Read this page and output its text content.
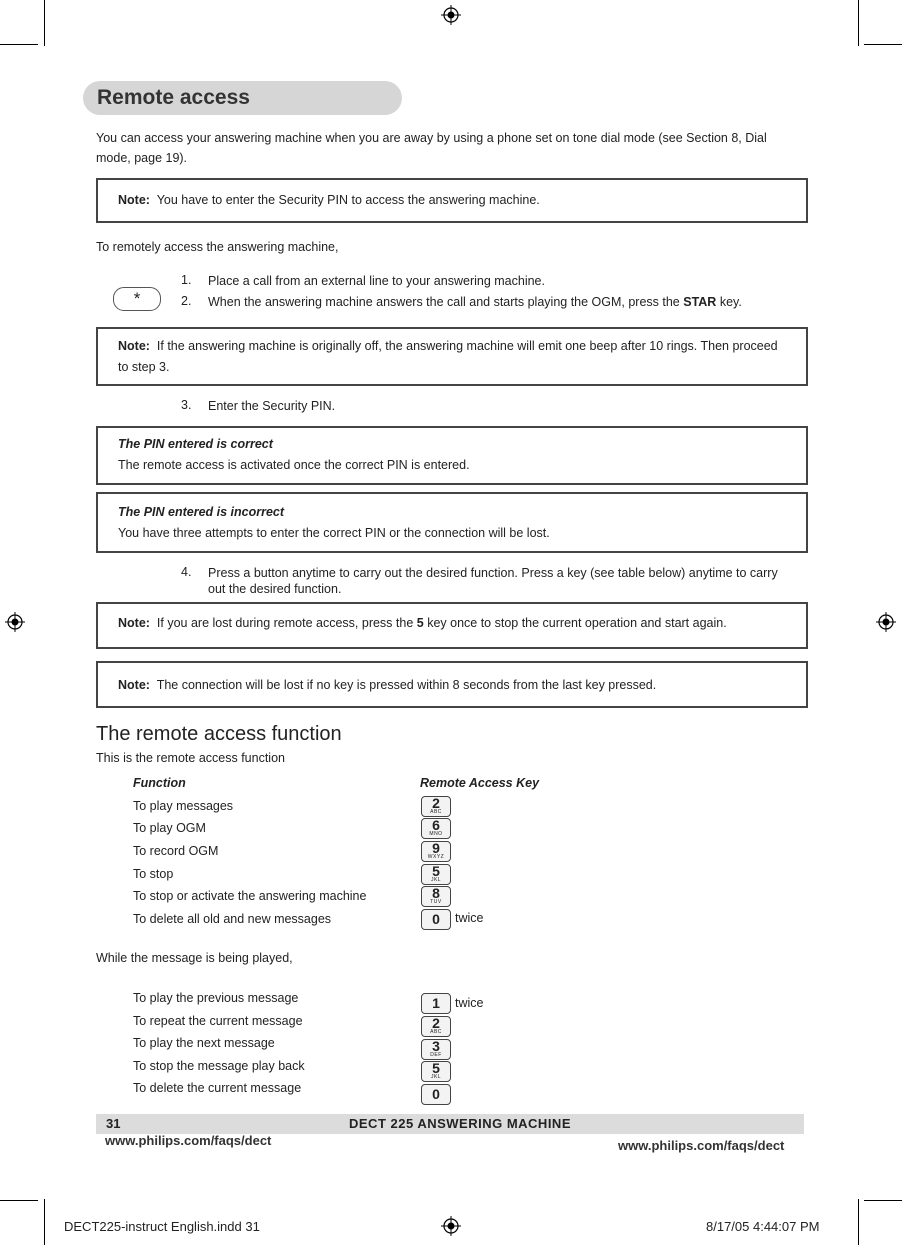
Remote access
You can access your answering machine when you are away by using a phone set on tone dial mode (see Section 8, Dial mode, page 19).
Note: You have to enter the Security PIN to access the answering machine.
To remotely access the answering machine,
*
1. Place a call from an external line to your answering machine.
2. When the answering machine answers the call and starts playing the OGM, press the STAR key.
Note: If the answering machine is originally off, the answering machine will emit one beep after 10 rings. Then proceed to step 3.
3. Enter the Security PIN.
The PIN entered is correct
The remote access is activated once the correct PIN is entered.
The PIN entered is incorrect
You have three attempts to enter the correct PIN or the connection will be lost.
4. Press a button anytime to carry out the desired function. Press a key (see table below) anytime to carry out the desired function.
Note: If you are lost during remote access, press the 5 key once to stop the current operation and start again.
Note: The connection will be lost if no key is pressed within 8 seconds from the last key pressed.
The remote access function
This is the remote access function
Function	Remote Access Key
To play messages	2
ABC
To play OGM	6
MNO
To record OGM	9
WXYZ
To stop	5
JKL
To stop or activate the answering machine	8
TUV
To delete all old and new messages	0	twice
While the message is being played,
To play the previous message	1	twice
To repeat the current message	2
ABC
To play the next message	3
DEF
To stop the message play back	5
JKL
To delete the current message	0
31	DECT 225 ANSWERING MACHINE
www.philips.com/faqs/dect	www.philips.com/faqs/dect
DECT225-instruct English.indd 31	8/17/05 4:44:07 PM
